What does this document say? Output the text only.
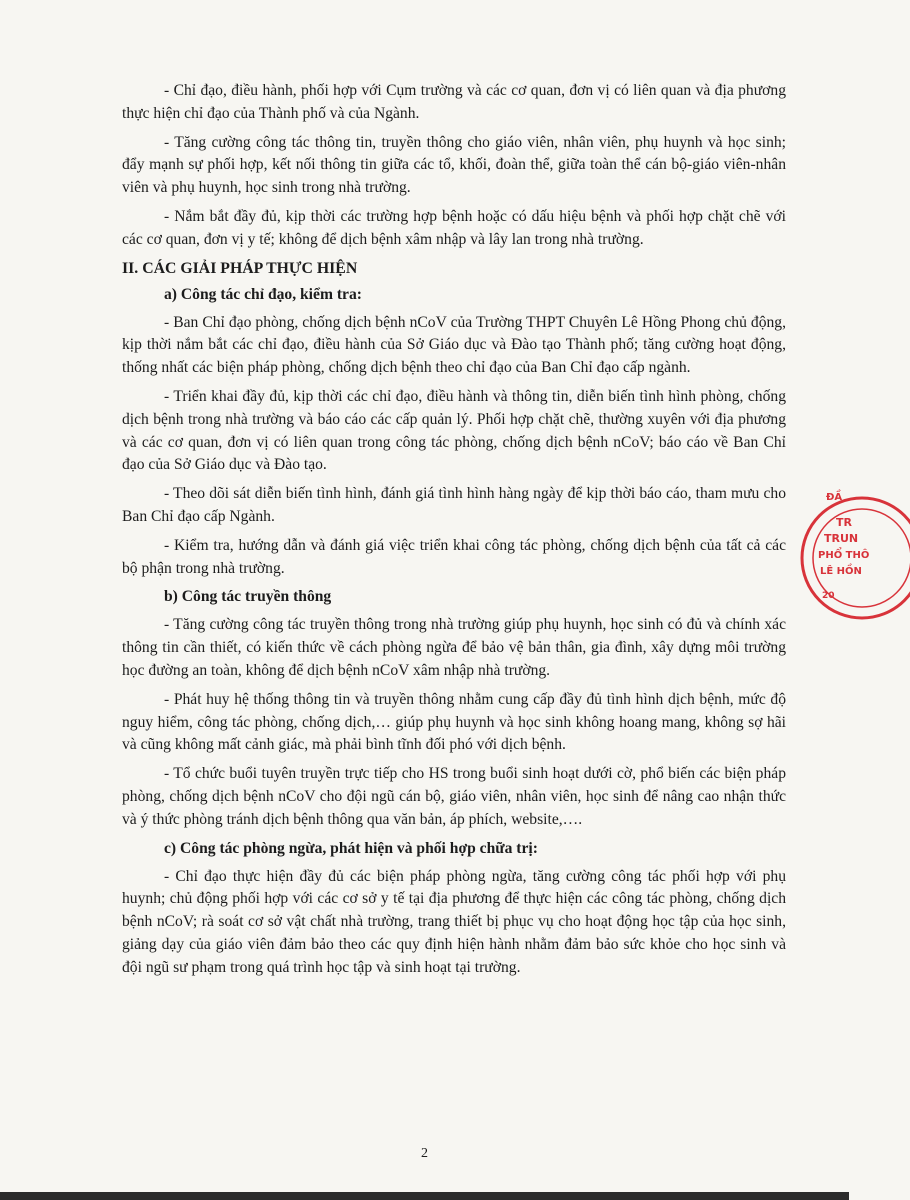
- Chỉ đạo, điều hành, phối hợp với Cụm trường và các cơ quan, đơn vị có liên quan và địa phương thực hiện chỉ đạo của Thành phố và của Ngành.

- Tăng cường công tác thông tin, truyền thông cho giáo viên, nhân viên, phụ huynh và học sinh; đẩy mạnh sự phối hợp, kết nối thông tin giữa các tổ, khối, đoàn thể, giữa toàn thể cán bộ-giáo viên-nhân viên và phụ huynh, học sinh trong nhà trường.

- Nắm bắt đầy đủ, kịp thời các trường hợp bệnh hoặc có dấu hiệu bệnh và phối hợp chặt chẽ với các cơ quan, đơn vị y tế; không để dịch bệnh xâm nhập và lây lan trong nhà trường.

II. CÁC GIẢI PHÁP THỰC HIỆN
a) Công tác chỉ đạo, kiểm tra:

- Ban Chỉ đạo phòng, chống dịch bệnh nCoV của Trường THPT Chuyên Lê Hồng Phong chủ động, kịp thời nắm bắt các chỉ đạo, điều hành của Sở Giáo dục và Đào tạo Thành phố; tăng cường hoạt động, thống nhất các biện pháp phòng, chống dịch bệnh theo chỉ đạo của Ban Chỉ đạo cấp ngành.

- Triển khai đầy đủ, kịp thời các chỉ đạo, điều hành và thông tin, diễn biến tình hình phòng, chống dịch bệnh trong nhà trường và báo cáo các cấp quản lý. Phối hợp chặt chẽ, thường xuyên với địa phương và các cơ quan, đơn vị có liên quan trong công tác phòng, chống dịch bệnh nCoV; báo cáo về Ban Chỉ đạo của Sở Giáo dục và Đào tạo.

- Theo dõi sát diễn biến tình hình, đánh giá tình hình hàng ngày để kịp thời báo cáo, tham mưu cho Ban Chỉ đạo cấp Ngành.

- Kiểm tra, hướng dẫn và đánh giá việc triển khai công tác phòng, chống dịch bệnh của tất cả các bộ phận trong nhà trường.

b) Công tác truyền thông

- Tăng cường công tác truyền thông trong nhà trường giúp phụ huynh, học sinh có đủ và chính xác thông tin cần thiết, có kiến thức về cách phòng ngừa để bảo vệ bản thân, gia đình, xây dựng môi trường học đường an toàn, không để dịch bệnh nCoV xâm nhập nhà trường.

- Phát huy hệ thống thông tin và truyền thông nhằm cung cấp đầy đủ tình hình dịch bệnh, mức độ nguy hiểm, công tác phòng, chống dịch,… giúp phụ huynh và học sinh không hoang mang, không sợ hãi và cũng không mất cảnh giác, mà phải bình tĩnh đối phó với dịch bệnh.

- Tổ chức buổi tuyên truyền trực tiếp cho HS trong buổi sinh hoạt dưới cờ, phổ biến các biện pháp phòng, chống dịch bệnh nCoV cho đội ngũ cán bộ, giáo viên, nhân viên, học sinh để nâng cao nhận thức và ý thức phòng tránh dịch bệnh thông qua văn bản, áp phích, website,….

c) Công tác phòng ngừa, phát hiện và phối hợp chữa trị:

- Chỉ đạo thực hiện đầy đủ các biện pháp phòng ngừa, tăng cường công tác phối hợp với phụ huynh; chủ động phối hợp với các cơ sở y tế tại địa phương để thực hiện các công tác phòng, chống dịch bệnh nCoV; rà soát cơ sở vật chất nhà trường, trang thiết bị phục vụ cho hoạt động học tập của học sinh, giảng dạy của giáo viên đảm bảo theo các quy định hiện hành nhằm đảm bảo sức khỏe cho học sinh và đội ngũ sư phạm trong quá trình học tập và sinh hoạt tại trường.

ĐẦ
TR
TRUN
PHỔ THÔ
LÊ HỒN
20
2
